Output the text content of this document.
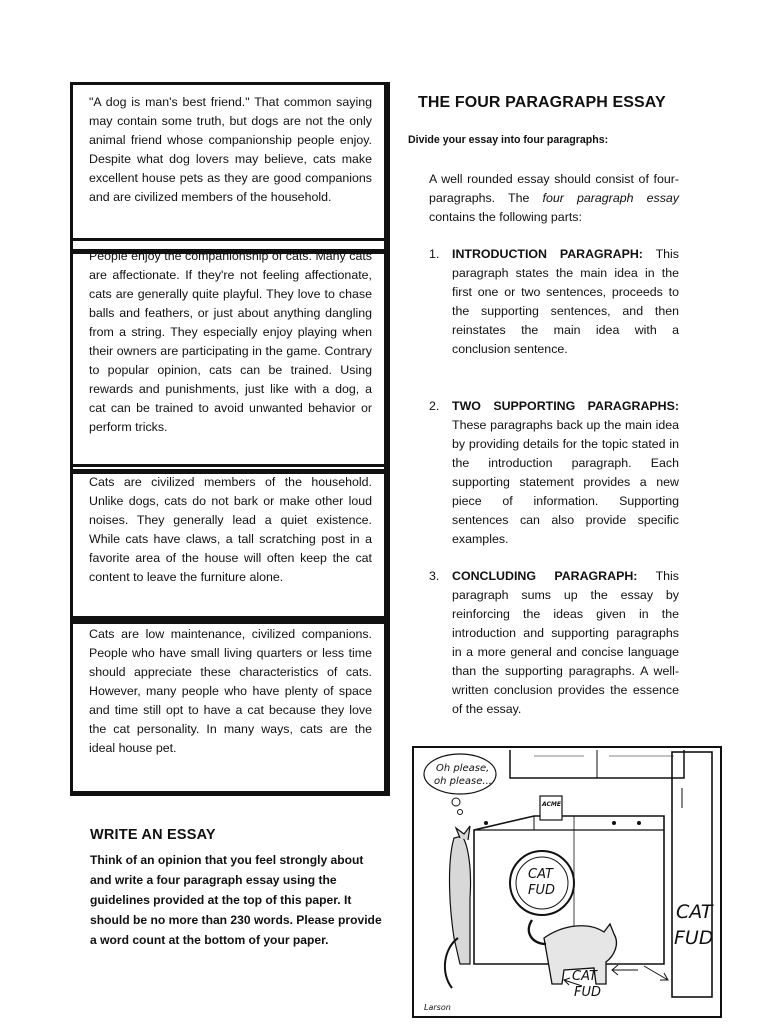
"A dog is man's best friend." That common saying may contain some truth, but dogs are not the only animal friend whose companionship people enjoy. Despite what dog lovers may believe, cats make excellent house pets as they are good companions and are civilized members of the household.
People enjoy the companionship of cats. Many cats are affectionate. If they're not feeling affectionate, cats are generally quite playful. They love to chase balls and feathers, or just about anything dangling from a string. They especially enjoy playing when their owners are participating in the game. Contrary to popular opinion, cats can be trained. Using rewards and punishments, just like with a dog, a cat can be trained to avoid unwanted behavior or perform tricks.
Cats are civilized members of the household. Unlike dogs, cats do not bark or make other loud noises. They generally lead a quiet existence. While cats have claws, a tall scratching post in a favorite area of the house will often keep the cat content to leave the furniture alone.
Cats are low maintenance, civilized companions. People who have small living quarters or less time should appreciate these characteristics of cats. However, many people who have plenty of space and time still opt to have a cat because they love the cat personality. In many ways, cats are the ideal house pet.
WRITE AN ESSAY
Think of an opinion that you feel strongly about and write a four paragraph essay using the guidelines provided at the top of this paper. It should be no more than 230 words. Please provide a word count at the bottom of your paper.
THE FOUR PARAGRAPH ESSAY
Divide your essay into four paragraphs:
A well rounded essay should consist of four-paragraphs. The four paragraph essay contains the following parts:
1. INTRODUCTION PARAGRAPH: This paragraph states the main idea in the first one or two sentences, proceeds to the supporting sentences, and then reinstates the main idea with a conclusion sentence.
2. TWO SUPPORTING PARAGRAPHS: These paragraphs back up the main idea by providing details for the topic stated in the introduction paragraph. Each supporting statement provides a new piece of information. Supporting sentences can also provide specific examples.
3. CONCLUDING PARAGRAPH: This paragraph sums up the essay by reinforcing the ideas given in the introduction and supporting paragraphs in a more general and concise language than the supporting paragraphs. A well-written conclusion provides the essence of the essay.
Oh please,
oh please...
ACME
CAT
FUD
CAT
FUD
CAT
FUD
Larson
